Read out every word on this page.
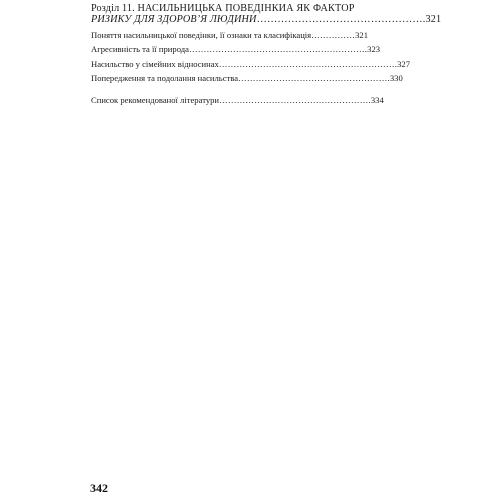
Розділ 11. НАСИЛЬНИЦЬКА ПОВЕДІНКИА ЯК ФАКТОР
РИЗИКУ ДЛЯ ЗДОРОВ’Я ЛЮДИНИ………………………………………….321
Поняття насильницької поведінки, її ознаки та класифікація……………321
Агресивність та її природа…………………………………………………….323
Насильство у сімейних відносинах…………………………………………………….327
Попередження та подолання насильства…………………………………………….330
Список рекомендованої літератури…………………………………………….334
342
